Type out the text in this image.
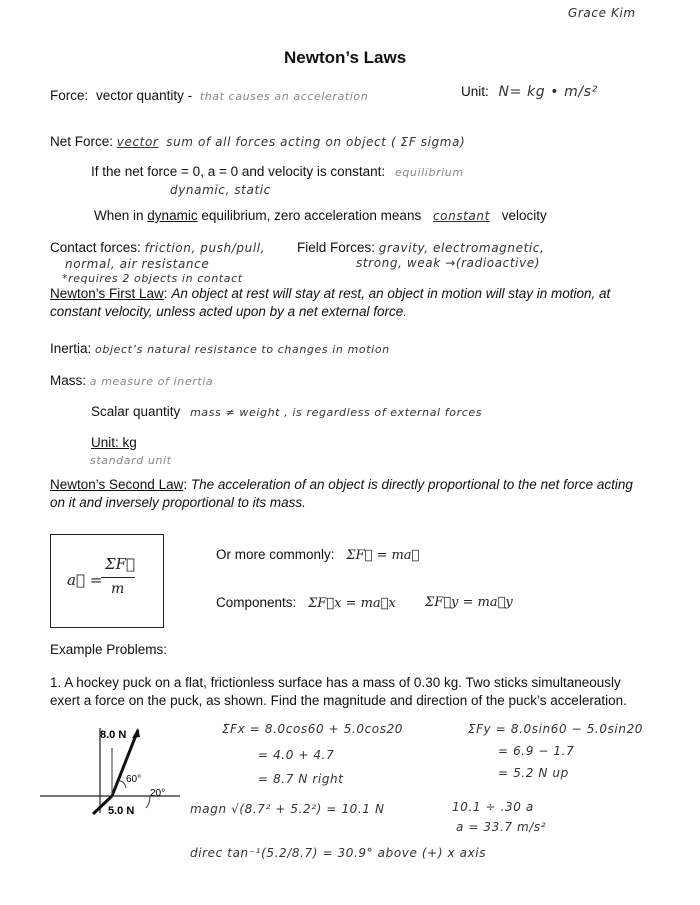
Grace Kim
Newton’s Laws
Force: vector quantity - that causes an acceleration	Unit: N= kg • m/s²
Net Force: vector sum of all forces acting on object ( ΣF sigma)
If the net force = 0, a = 0 and velocity is constant: equilibrium
dynamic, static
When in dynamic equilibrium, zero acceleration means constant velocity
Contact forces: friction, push/pull,
normal, air resistance
*requires 2 objects in contact
Field Forces: gravity, electromagnetic,
strong, weak →(radioactive)
Newton’s First Law: An object at rest will stay at rest, an object in motion will stay in motion, at constant velocity, unless acted upon by a net external force.
Inertia: object’s natural resistance to changes in motion
Mass: a measure of inertia
Scalar quantity mass ≠ weight , is regardless of external forces
Unit: kg
standard unit
Newton’s Second Law: The acceleration of an object is directly proportional to the net force acting on it and inversely proportional to its mass.
a⃗ =
ΣF⃗
m
Or more commonly: ΣF⃗ = ma⃗
Components: ΣF⃗x = ma⃗x ΣF⃗y = ma⃗y
Example Problems:
1. A hockey puck on a flat, frictionless surface has a mass of 0.30 kg. Two sticks simultaneously exert a force on the puck, as shown. Find the magnitude and direction of the puck’s acceleration.
8.0 N
5.0 N
60°
20°
ΣFx = 8.0cos60 + 5.0cos20
= 4.0 + 4.7
= 8.7 N right
ΣFy = 8.0sin60 − 5.0sin20
= 6.9 − 1.7
= 5.2 N up
magn √(8.7² + 5.2²) = 10.1 N	10.1 ÷ .30 a
a = 33.7 m/s²
direc tan⁻¹(5.2/8.7) = 30.9° above (+) x axis
